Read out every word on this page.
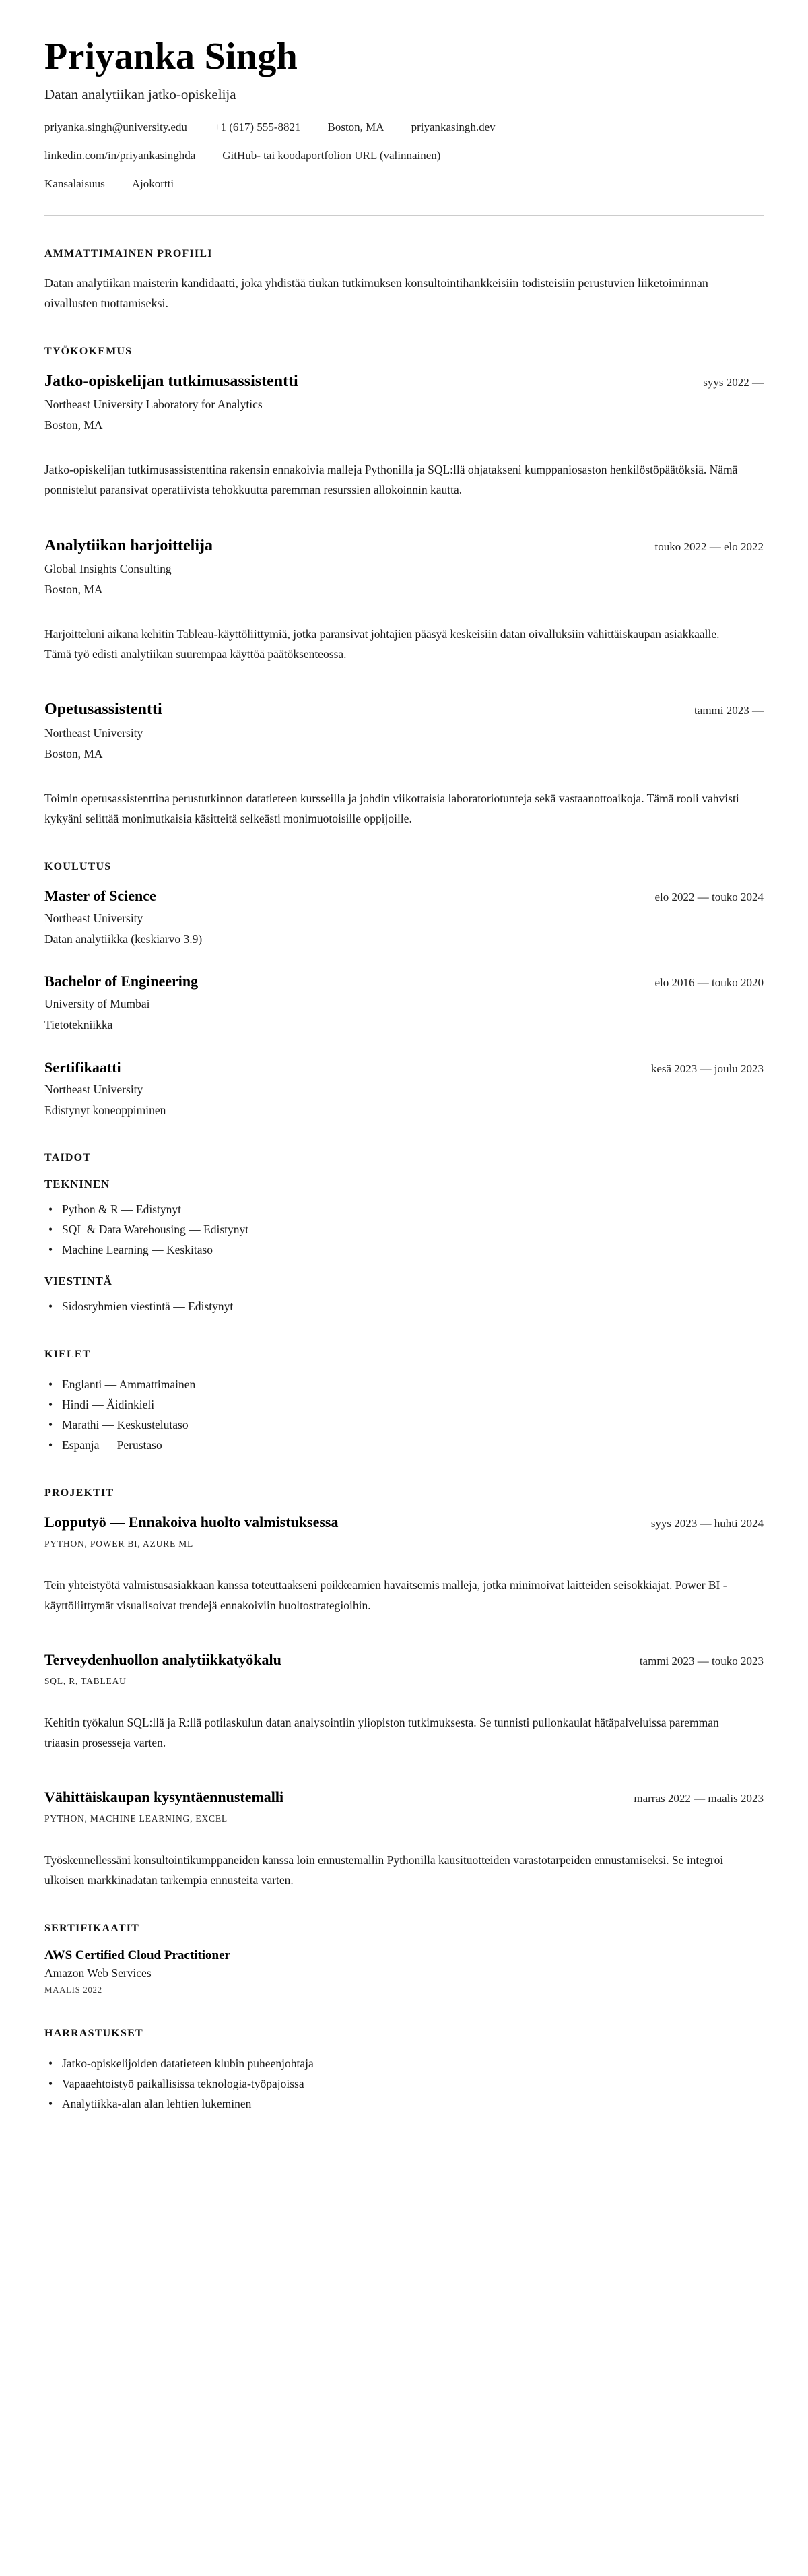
Priyanka Singh
Datan analytiikan jatko-opiskelija
priyanka.singh@university.edu +1 (617) 555-8821 Boston, MA priyankasingh.dev
linkedin.com/in/priyankasinghda GitHub- tai koodaportfolion URL (valinnainen)
Kansalaisuus Ajokortti
AMMATTIMAINEN PROFIILI

Datan analytiikan maisterin kandidaatti, joka yhdistää tiukan tutkimuksen konsultointihankkeisiin todisteisiin perustuvien liiketoiminnan oivallusten tuottamiseksi.

TYÖKOKEMUS
Jatko-opiskelijan tutkimusassistentti	syys 2022 —
Northeast University Laboratory for Analytics
Boston, MA

Jatko-opiskelijan tutkimusassistenttina rakensin ennakoivia malleja Pythonilla ja SQL:llä ohjatakseni kumppaniosaston henkilöstöpäätöksiä. Nämä ponnistelut paransivat operatiivista tehokkuutta paremman resurssien allokoinnin kautta.

Analytiikan harjoittelija	touko 2022 — elo 2022
Global Insights Consulting
Boston, MA

Harjoitteluni aikana kehitin Tableau-käyttöliittymiä, jotka paransivat johtajien pääsyä keskeisiin datan oivalluksiin vähittäiskaupan asiakkaalle. Tämä työ edisti analytiikan suurempaa käyttöä päätöksenteossa.

Opetusassistentti	tammi 2023 —
Northeast University
Boston, MA

Toimin opetusassistenttina perustutkinnon datatieteen kursseilla ja johdin viikottaisia laboratoriotunteja sekä vastaanottoaikoja. Tämä rooli vahvisti kykyäni selittää monimutkaisia käsitteitä selkeästi monimuotoisille oppijoille.

KOULUTUS
Master of Science	elo 2022 — touko 2024
Northeast University
Datan analytiikka (keskiarvo 3.9)
Bachelor of Engineering	elo 2016 — touko 2020
University of Mumbai
Tietotekniikka
Sertifikaatti	kesä 2023 — joulu 2023
Northeast University
Edistynyt koneoppiminen
TAIDOT
TEKNINEN
• Python & R — Edistynyt
• SQL & Data Warehousing — Edistynyt
• Machine Learning — Keskitaso
VIESTINTÄ
• Sidosryhmien viestintä — Edistynyt
KIELET
• Englanti — Ammattimainen
• Hindi — Äidinkieli
• Marathi — Keskustelutaso
• Espanja — Perustaso
PROJEKTIT
Lopputyö — Ennakoiva huolto valmistuksessa	syys 2023 — huhti 2024
PYTHON, POWER BI, AZURE ML

Tein yhteistyötä valmistusasiakkaan kanssa toteuttaakseni poikkeamien havaitsemis malleja, jotka minimoivat laitteiden seisokkiajat. Power BI -käyttöliittymät visualisoivat trendejä ennakoiviin huoltostrategioihin.

Terveydenhuollon analytiikkatyökalu	tammi 2023 — touko 2023
SQL, R, TABLEAU

Kehitin työkalun SQL:llä ja R:llä potilaskulun datan analysointiin yliopiston tutkimuksesta. Se tunnisti pullonkaulat hätäpalveluissa paremman triaasin prosesseja varten.

Vähittäiskaupan kysyntäennustemalli	marras 2022 — maalis 2023
PYTHON, MACHINE LEARNING, EXCEL

Työskennellessäni konsultointikumppaneiden kanssa loin ennustemallin Pythonilla kausituotteiden varastotarpeiden ennustamiseksi. Se integroi ulkoisen markkinadatan tarkempia ennusteita varten.

SERTIFIKAATIT
AWS Certified Cloud Practitioner
Amazon Web Services
MAALIS 2022
HARRASTUKSET
• Jatko-opiskelijoiden datatieteen klubin puheenjohtaja
• Vapaaehtoistyö paikallisissa teknologia-työpajoissa
• Analytiikka-alan alan lehtien lukeminen
